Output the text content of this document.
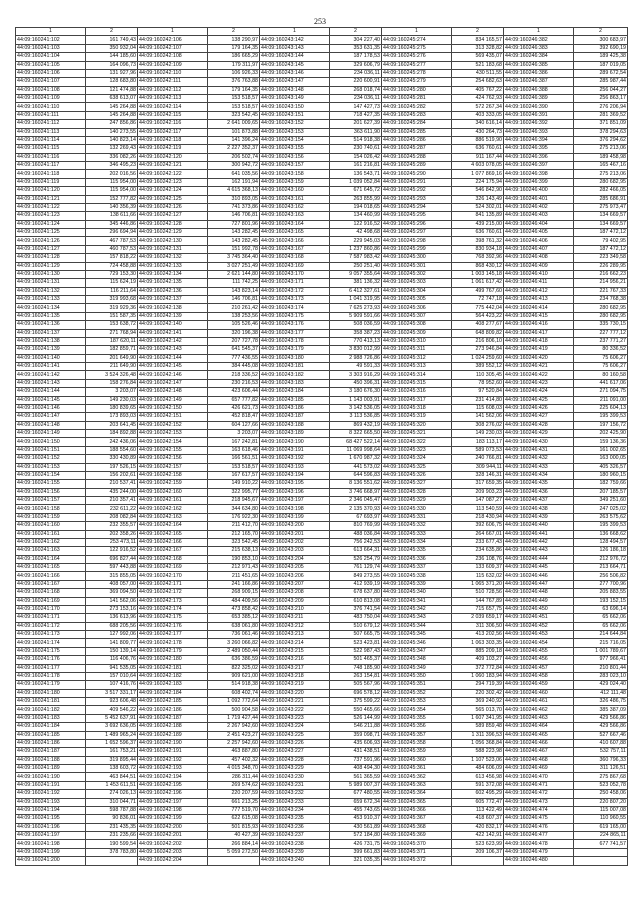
253
1	2	1	2	1	2	1	2	1	2
44:09:160241:102	161 749,43	44:09:160242:106	138 290,97	44:09:160243:142	304 227,40	44:09:160245:274	834 165,57	44:09:160246:382	300 683,97
44:09:160241:103	350 932,04	44:09:160242:107	179 164,35	44:09:160243:143	353 631,35	44:09:160245:275	313 328,82	44:09:160246:383	392 690,19
44:09:160241:104	144 185,60	44:09:160242:108	186 665,29	44:09:160243:144	187 178,53	44:09:160245:276	569 435,07	44:09:160246:384	189 425,38
44:09:160241:105	164 096,73	44:09:160242:109	179 311,97	44:09:160243:145	329 606,79	44:09:160245:277	521 183,68	44:09:160246:385	187 019,05
44:09:160241:106	131 927,96	44:09:160242:110	106 926,33	44:09:160243:146	234 036,11	44:09:160245:278	430 511,55	44:09:160246:386	289 672,54
44:09:160241:107	128 683,80	44:09:160242:111	376 763,88	44:09:160243:147	220 600,91	44:09:160245:279	254 682,63	44:09:160246:387	285 987,44
44:09:160241:108	121 474,88	44:09:160242:112	179 164,35	44:09:160243:148	268 018,74	44:09:160245:280	405 767,22	44:09:160246:388	256 044,27
44:09:160241:109	638 613,07	44:09:160242:113	153 518,57	44:09:160243:149	234 036,11	44:09:160245:281	424 762,93	44:09:160246:389	256 863,17
44:09:160241:110	145 264,88	44:09:160242:114	153 518,57	44:09:160243:150	147 427,73	44:09:160245:282	572 267,34	44:09:160246:390	276 206,94
44:09:160241:111	145 264,88	44:09:160242:115	323 542,45	44:09:160243:151	718 427,35	44:09:160245:283	403 333,05	44:09:160246:391	281 369,52
44:09:160241:112	247 856,86	44:09:160242:116	2 641 009,65	44:09:160243:152	201 627,39	44:09:160245:284	340 616,14	44:09:160246:392	371 851,09
44:09:160241:113	140 273,55	44:09:160242:117	101 873,88	44:09:160243:153	363 611,90	44:09:160245:285	430 264,73	44:09:160246:393	378 294,63
44:09:160241:114	140 823,14	44:09:160242:118	141 396,24	44:09:160243:154	514 918,38	44:09:160245:286	886 519,90	44:09:160246:394	376 294,62
44:09:160241:115	132 269,43	44:09:160242:119	2 227 352,37	44:09:160243:155	230 740,61	44:09:160245:287	636 760,61	44:09:160246:395	275 213,06
44:09:160241:116	336 082,26	44:09:160242:120	206 502,74	44:09:160243:156	154 026,42	44:09:160245:288	911 167,44	44:09:160246:396	189 458,98
44:09:160241:117	346 495,23	44:09:160242:121	300 942,72	44:09:160243:157	161 216,81	44:09:160245:289	4 603 078,05	44:09:160246:397	165 467,16
44:09:160241:118	202 016,56	44:09:160242:122	641 035,56	44:09:160243:158	136 543,71	44:09:160245:290	1 077 869,16	44:09:160246:398	275 213,06
44:09:160241:119	115 954,00	44:09:160242:123	162 191,94	44:09:160243:159	1 039 052,84	44:09:160245:291	224 175,94	44:09:160246:399	280 682,95
44:09:160241:120	115 954,00	44:09:160242:124	4 615 368,13	44:09:160243:160	671 645,72	44:09:160245:292	546 842,90	44:09:160246:400	282 466,05
44:09:160241:121	152 777,82	44:09:160242:125	310 893,05	44:09:160243:161	263 855,99	44:09:160245:293	326 143,49	44:09:160246:401	285 686,91
44:09:160241:122	140 356,39	44:09:160242:126	741 373,86	44:09:160243:162	194 018,65	44:09:160245:294	524 302,01	44:09:160246:402	275 973,47
44:09:160241:123	138 611,66	44:09:160242:127	146 706,81	44:09:160243:163	134 460,99	44:09:160245:295	841 135,89	44:09:160246:403	134 669,57
44:09:160241:124	345 446,86	44:09:160242:128	727 801,96	44:09:160243:164	122 916,52	44:09:160245:296	439 215,00	44:09:160246:404	134 669,57
44:09:160241:125	296 694,94	44:09:160242:129	143 282,45	44:09:160243:165	42 498,68	44:09:160245:297	636 760,61	44:09:160246:405	187 472,12
44:09:160241:126	467 787,53	44:09:160242:130	143 282,45	44:09:160243:166	229 945,03	44:09:160245:298	398 761,32	44:09:160246:406	79 402,95
44:09:160241:127	460 787,53	44:09:160242:131	151 992,78	44:09:160243:167	1 237 860,86	44:09:160245:299	830 934,18	44:09:160246:407	187 472,12
44:09:160241:128	157 818,22	44:09:160242:132	3 745 364,40	44:09:160243:168	7 587 983,42	44:09:160245:300	768 392,96	44:09:160246:408	223 349,58
44:09:160241:129	724 458,88	44:09:160242:133	3 027 251,49	44:09:160243:169	250 251,40	44:09:160245:301	868 430,12	44:09:160246:409	226 289,95
44:09:160241:130	729 153,30	44:09:160242:134	2 621 144,80	44:09:160243:170	9 057 355,64	44:09:160245:302	1 003 145,18	44:09:160246:410	216 662,23
44:09:160241:131	115 624,19	44:09:160242:135	111 742,25	44:09:160243:171	381 136,32	44:09:160245:303	1 061 617,42	44:09:160246:411	214 956,21
44:09:160241:132	116 211,64	44:09:160242:136	143 823,14	44:09:160243:172	6 412 327,61	44:09:160245:304	499 767,60	44:09:160246:412	221 767,33
44:09:160241:133	319 993,68	44:09:160242:137	146 706,81	44:09:160243:173	1 041 319,95	44:09:160245:305	72 747,18	44:09:160246:413	234 768,38
44:09:160241:134	319 929,36	44:09:160242:138	210 261,42	44:09:160243:174	7 625 273,93	44:09:160245:306	775 442,04	44:09:160246:414	280 682,95
44:09:160241:135	151 587,35	44:09:160242:139	138 253,56	44:09:160243:175	5 909 591,66	44:09:160245:307	564 423,22	44:09:160246:415	280 682,95
44:09:160241:136	153 638,72	44:09:160242:140	105 526,46	44:09:160243:176	508 036,59	44:09:160245:308	408 277,67	44:09:160246:416	335 730,15
44:09:160241:137	271 768,94	44:09:160242:141	320 196,38	44:09:160243:177	358 387,23	44:09:160245:309	648 809,82	44:09:160246:417	227 777,12
44:09:160241:138	187 620,11	44:09:160242:142	207 727,78	44:09:160243:178	770 413,13	44:09:160245:310	216 806,10	44:09:160246:418	237 771,27
44:09:160241:139	182 859,71	44:09:160242:143	641 545,37	44:09:160243:179	3 830 012,99	44:09:160245:311	273 946,84	44:09:160246:419	80 336,52
44:09:160241:140	201 649,90	44:09:160242:144	777 436,55	44:09:160243:180	2 988 726,86	44:09:160245:312	1 024 259,60	44:09:160246:420	75 606,27
44:09:160241:141	211 649,90	44:09:160242:145	384 445,08	44:09:160243:181	49 591,33	44:09:160245:313	389 552,12	44:09:160246:421	75 606,27
44:09:160241:142	3 524 326,48	44:09:160242:146	218 336,52	44:09:160243:182	3 303 916,29	44:09:160245:314	110 305,45	44:09:160246:422	80 160,58
44:09:160241:143	158 276,84	44:09:160242:147	230 216,53	44:09:160243:183	450 396,31	44:09:160245:315	78 952,60	44:09:160246:423	441 617,06
44:09:160241:144	3 203,07	44:09:160242:148	423 606,44	44:09:160243:184	3 180 676,30	44:09:160245:316	97 520,84	44:09:160246:424	271 094,75
44:09:160241:145	149 230,03	44:09:160242:149	657 777,82	44:09:160243:185	1 143 003,91	44:09:160245:317	231 414,80	44:09:160246:425	211 091,00
44:09:160241:146	180 839,65	44:09:160242:150	426 621,73	44:09:160243:186	3 142 536,05	44:09:160245:318	115 608,03	44:09:160246:426	225 604,13
44:09:160241:147	173 893,03	44:09:160242:151	452 818,47	44:09:160243:187	3 113 536,85	44:09:160245:319	141 562,06	44:09:160246:427	195 399,53
44:09:160241:148	203 641,45	44:09:160242:152	604 127,66	44:09:160243:188	869 432,19	44:09:160245:320	308 276,02	44:09:160246:428	197 156,72
44:09:160241:149	184 892,88	44:09:160242:153	3 203,07	44:09:160243:189	8 322 665,50	44:09:160245:321	149 230,03	44:09:160246:429	202 425,90
44:09:160241:150	242 436,06	44:09:160242:154	167 242,81	44:09:160243:190	68 427 522,14	44:09:160245:322	183 113,17	44:09:160246:430	159 136,36
44:09:160241:151	188 554,60	44:09:160242:155	163 618,46	44:09:160243:191	11 069 998,64	44:09:160245:323	589 073,53	44:09:160246:431	161 002,65
44:09:160241:152	330 430,89	44:09:160242:156	166 561,51	44:09:160243:192	1 670 987,32	44:09:160245:324	240 766,81	44:09:160246:432	163 000,05
44:09:160241:153	197 526,15	44:09:160242:157	153 518,57	44:09:160243:193	441 573,02	44:09:160245:325	309 944,11	44:09:160246:433	405 326,57
44:09:160241:154	156 202,61	44:09:160242:158	167 617,57	44:09:160243:194	644 596,83	44:09:160245:326	328 146,31	44:09:160246:434	180 960,15
44:09:160241:155	210 537,41	44:09:160242:159	149 910,22	44:09:160243:195	8 136 551,62	44:09:160245:327	317 659,35	44:09:160246:435	182 759,66
44:09:160241:156	435 244,00	44:09:160242:160	322 995,77	44:09:160243:196	3 746 668,97	44:09:160245:328	209 903,23	44:09:160246:436	207 185,57
44:09:160241:157	210 357,41	44:09:160242:161	218 945,67	44:09:160243:197	2 346 045,47	44:09:160245:329	147 087,27	44:09:160246:437	349 251,60
44:09:160241:158	232 611,22	44:09:160242:162	344 634,80	44:09:160243:198	2 135 370,93	44:09:160245:330	113 540,59	44:09:160246:438	247 025,02
44:09:160241:159	208 082,84	44:09:160242:163	176 922,30	44:09:160243:199	67 693,97	44:09:160245:331	218 430,94	44:09:160246:439	263 575,62
44:09:160241:160	232 355,57	44:09:160242:164	211 412,70	44:09:160243:200	810 769,99	44:09:160245:332	392 606,75	44:09:160246:440	195 399,53
44:09:160241:161	202 358,26	44:09:160242:165	212 165,70	44:09:160243:201	488 036,84	44:09:160245:333	264 667,01	44:09:160246:441	136 668,62
44:09:160241:162	253 473,11	44:09:160242:166	323 542,45	44:09:160243:202	756 242,53	44:09:160245:334	233 677,43	44:09:160246:442	128 494,57
44:09:160241:163	122 916,52	44:09:160242:167	215 638,13	44:09:160243:203	613 664,31	44:09:160245:335	234 635,86	44:09:160246:443	126 186,18
44:09:160241:164	696 827,44	44:09:160242:168	190 853,10	44:09:160243:204	526 254,79	44:09:160245:336	236 108,76	44:09:160246:444	212 976,72
44:09:160241:165	597 443,88	44:09:160242:169	212 971,43	44:09:160243:205	761 129,74	44:09:160245:337	133 609,37	44:09:160246:445	213 664,71
44:09:160241:166	315 855,05	44:09:160242:170	211 451,65	44:09:160243:206	849 273,55	44:09:160245:338	115 632,02	44:09:160246:446	256 506,82
44:09:160241:167	408 057,00	44:09:160242:171	241 166,86	44:09:160243:207	412 939,19	44:09:160245:339	1 065 371,20	44:09:160246:447	277 700,96
44:09:160241:168	369 094,50	44:09:160242:172	268 909,15	44:09:160243:208	678 637,80	44:09:160245:340	510 728,56	44:09:160246:448	205 883,55
44:09:160241:169	141 562,06	44:09:160242:173	484 409,56	44:09:160243:209	610 813,08	44:09:160245:341	144 767,89	44:09:160246:449	193 152,15
44:09:160241:170	273 153,16	44:09:160242:174	473 858,42	44:09:160243:210	376 741,54	44:09:160245:342	715 657,75	44:09:160246:450	63 696,14
44:09:160241:171	136 613,96	44:09:160242:175	653 385,12	44:09:160243:211	483 750,04	44:09:160245:343	2 039 659,17	44:09:160246:451	65 662,06
44:09:160241:172	688 205,56	44:09:160242:176	638 061,80	44:09:160243:212	510 679,12	44:09:160245:344	311 306,50	44:09:160246:452	65 662,06
44:09:160241:173	127 992,06	44:09:160242:177	736 061,46	44:09:160243:213	507 665,75	44:09:160245:345	413 202,56	44:09:160246:453	214 644,84
44:09:160241:174	141 809,77	44:09:160242:178	3 260 066,82	44:09:160243:214	523 423,81	44:09:160245:346	1 063 303,35	44:09:160246:454	215 716,05
44:09:160241:175	150 139,14	44:09:160242:179	2 489 050,44	44:09:160243:215	522 987,43	44:09:160245:347	885 209,18	44:09:160246:455	1 001 789,67
44:09:160241:176	116 406,76	44:09:160242:180	636 386,59	44:09:160243:216	501 465,37	44:09:160245:348	409 103,27	44:09:160246:456	977 966,41
44:09:160241:177	941 535,05	44:09:160242:181	822 325,02	44:09:160243:217	748 185,90	44:09:160245:349	372 772,84	44:09:160246:457	210 801,44
44:09:160241:178	157 010,64	44:09:160242:182	909 621,00	44:09:160243:218	263 154,81	44:09:160245:350	1 060 183,94	44:09:160246:458	283 023,10
44:09:160241:179	107 416,76	44:09:160242:183	514 918,38	44:09:160243:219	505 567,96	44:09:160245:351	294 719,39	44:09:160246:459	429 024,40
44:09:160241:180	3 517 331,17	44:09:160242:184	608 402,74	44:09:160243:220	696 578,12	44:09:160245:352	220 302,42	44:09:160246:460	412 111,48
44:09:160241:181	923 606,48	44:09:160242:185	1 092 772,64	44:09:160243:221	375 599,22	44:09:160245:353	369 240,92	44:09:160246:461	326 486,75
44:09:160241:182	409 546,22	44:09:160242:186	500 904,58	44:09:160243:222	550 465,66	44:09:160245:354	565 013,70	44:09:160246:462	385 387,09
44:09:160241:183	5 452 637,91	44:09:160242:187	1 719 427,44	44:09:160243:223	526 144,99	44:09:160245:355	1 607 341,95	44:09:160246:463	429 566,86
44:09:160241:184	3 692 636,05	44:09:160242:188	2 267 942,60	44:09:160243:224	546 211,88	44:09:160245:356	589 859,48	44:09:160246:464	429 566,86
44:09:160241:185	1 489 965,24	44:09:160242:189	2 451 423,27	44:09:160243:225	359 098,71	44:09:160245:357	1 311 396,53	44:09:160246:465	527 667,46
44:09:160241:186	1 652 596,37	44:09:160242:190	2 257 942,60	44:09:160243:226	435 606,93	44:09:160245:358	1 056 368,84	44:09:160246:466	410 607,88
44:09:160241:187	161 753,21	44:09:160242:191	463 887,80	44:09:160243:227	431 438,51	44:09:160245:359	588 223,98	44:09:160246:467	532 757,11
44:09:160241:188	319 895,44	44:09:160242:192	457 402,32	44:09:160243:228	737 591,96	44:09:160245:360	1 107 523,06	44:09:160246:468	360 796,33
44:09:160241:189	138 603,72	44:09:160242:193	4 015 348,70	44:09:160243:229	408 494,30	44:09:160245:361	484 606,09	44:09:160246:469	311 126,51
44:09:160241:190	463 844,51	44:09:160242:194	286 311,44	44:09:160243:230	561 365,59	44:09:160245:362	613 456,98	44:09:160246:470	275 867,68
44:09:160241:191	1 453 611,51	44:09:160242:195	269 574,62	44:09:160243:231	5 989 007,37	44:09:160245:363	591 372,08	44:09:160246:471	523 052,78
44:09:160241:192	274 026,13	44:09:160242:196	220 207,59	44:09:160243:232	677 480,55	44:09:160245:364	602 495,29	44:09:160246:472	250 458,06
44:09:160241:193	310 044,71	44:09:160242:197	661 213,25	44:09:160243:233	659 672,34	44:09:160245:365	605 772,47	44:09:160246:473	220 807,20
44:09:160241:194	598 787,88	44:09:160242:198	777 519,70	44:09:160243:234	455 743,65	44:09:160245:366	113 422,49	44:09:160246:474	115 007,08
44:09:160241:195	90 836,01	44:09:160242:199	622 615,08	44:09:160243:235	453 910,37	44:09:160245:367	418 607,37	44:09:160246:475	110 960,55
44:09:160241:196	231 435,35	44:09:160242:200	501 815,93	44:09:160243:236	430 561,89	44:09:160245:368	420 832,17	44:09:160246:476	619 165,00
44:09:160241:197	231 235,66	44:09:160242:201	40 427,39	44:09:160243:237	572 184,80	44:09:160245:369	422 142,91	44:09:160246:477	224 865,11
44:09:160241:198	190 599,54	44:09:160242:202	266 884,14	44:09:160243:238	426 731,75	44:09:160245:370	523 623,99	44:09:160246:478	677 741,57
44:09:160241:199	378 783,80	44:09:160242:203	5 059 272,50	44:09:160243:239	399 661,83	44:09:160245:371	209 106,37	44:09:160246:479	
44:09:160241:200		44:09:160242:204		44:09:160243:240	321 035,35	44:09:160245:372		44:09:160246:480	
